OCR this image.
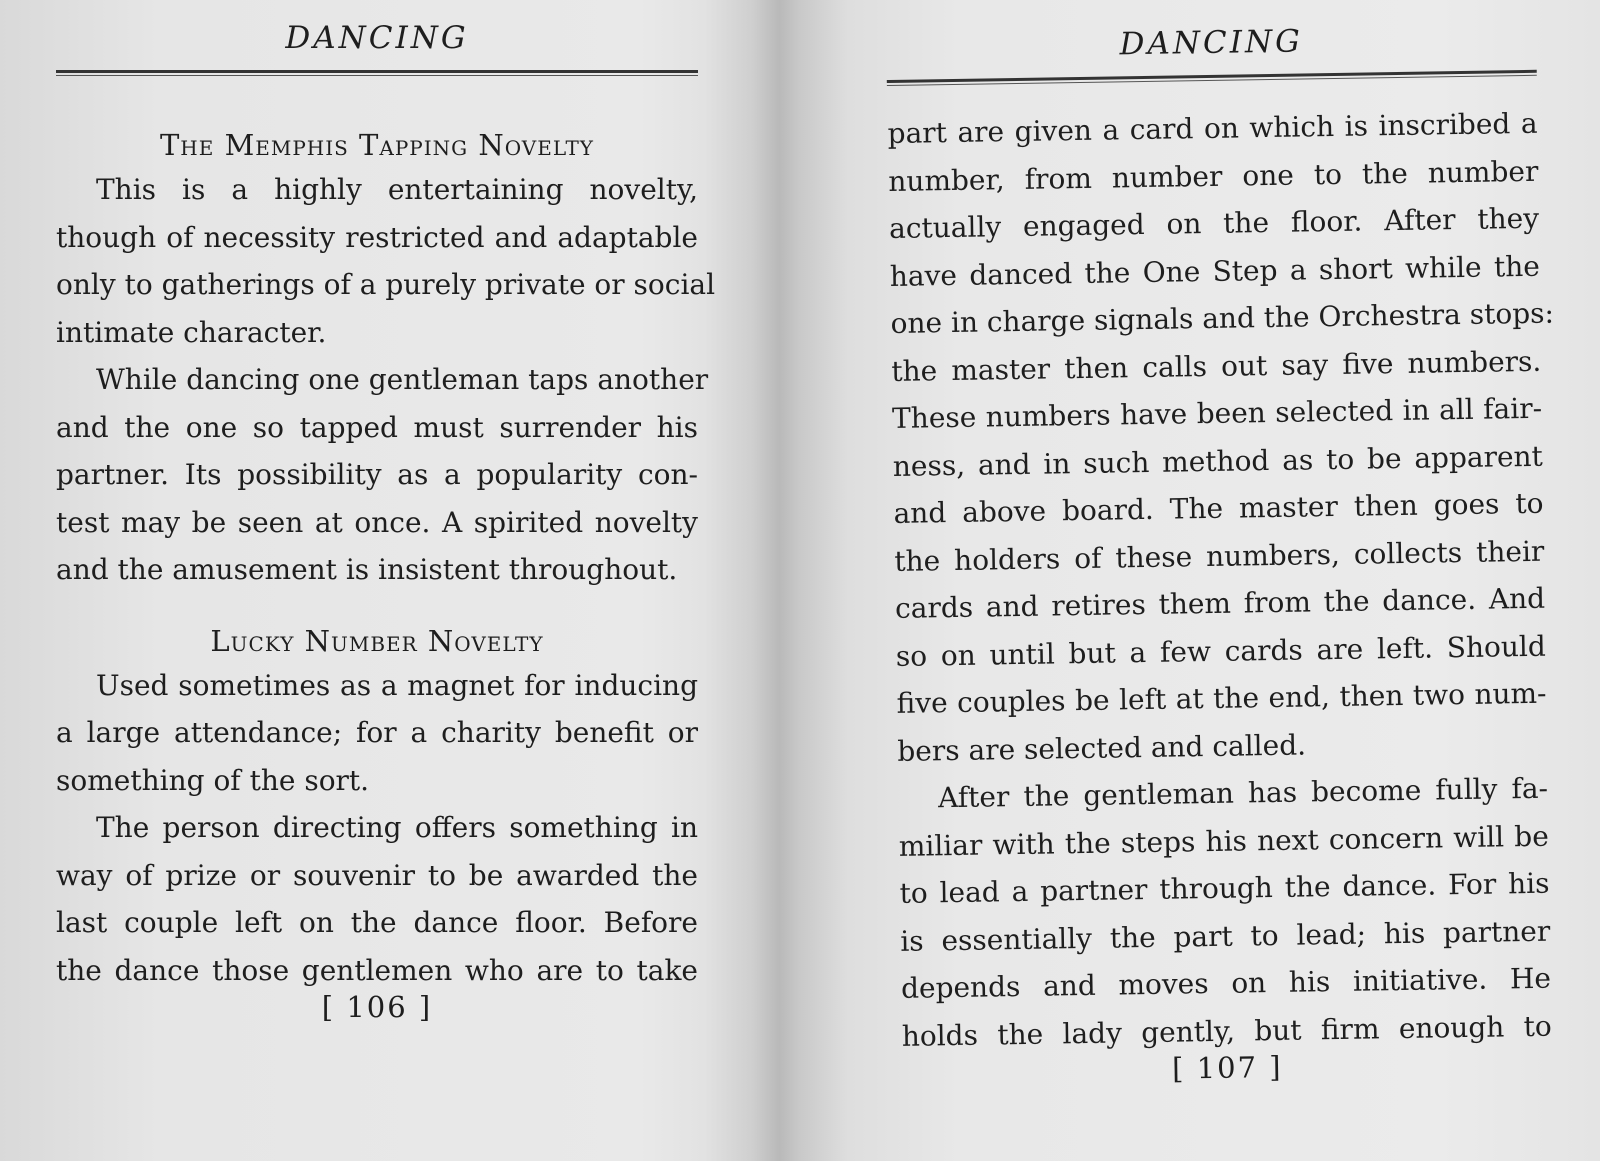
DANCING
The Memphis Tapping Novelty
This is a highly entertaining novelty,
though of necessity restricted and adaptable
only to gatherings of a purely private or social
intimate character.
While dancing one gentleman taps another
and the one so tapped must surrender his
partner. Its possibility as a popularity con-
test may be seen at once. A spirited novelty
and the amusement is insistent throughout.
Lucky Number Novelty
Used sometimes as a magnet for inducing
a large attendance; for a charity benefit or
something of the sort.
The person directing offers something in
way of prize or souvenir to be awarded the
last couple left on the dance floor. Before
the dance those gentlemen who are to take
[ 106 ]
DANCING
part are given a card on which is inscribed a
number, from number one to the number
actually engaged on the floor. After they
have danced the One Step a short while the
one in charge signals and the Orchestra stops:
the master then calls out say five numbers.
These numbers have been selected in all fair-
ness, and in such method as to be apparent
and above board. The master then goes to
the holders of these numbers, collects their
cards and retires them from the dance. And
so on until but a few cards are left. Should
five couples be left at the end, then two num-
bers are selected and called.
After the gentleman has become fully fa-
miliar with the steps his next concern will be
to lead a partner through the dance. For his
is essentially the part to lead; his partner
depends and moves on his initiative. He
holds the lady gently, but firm enough to
[ 107 ]
